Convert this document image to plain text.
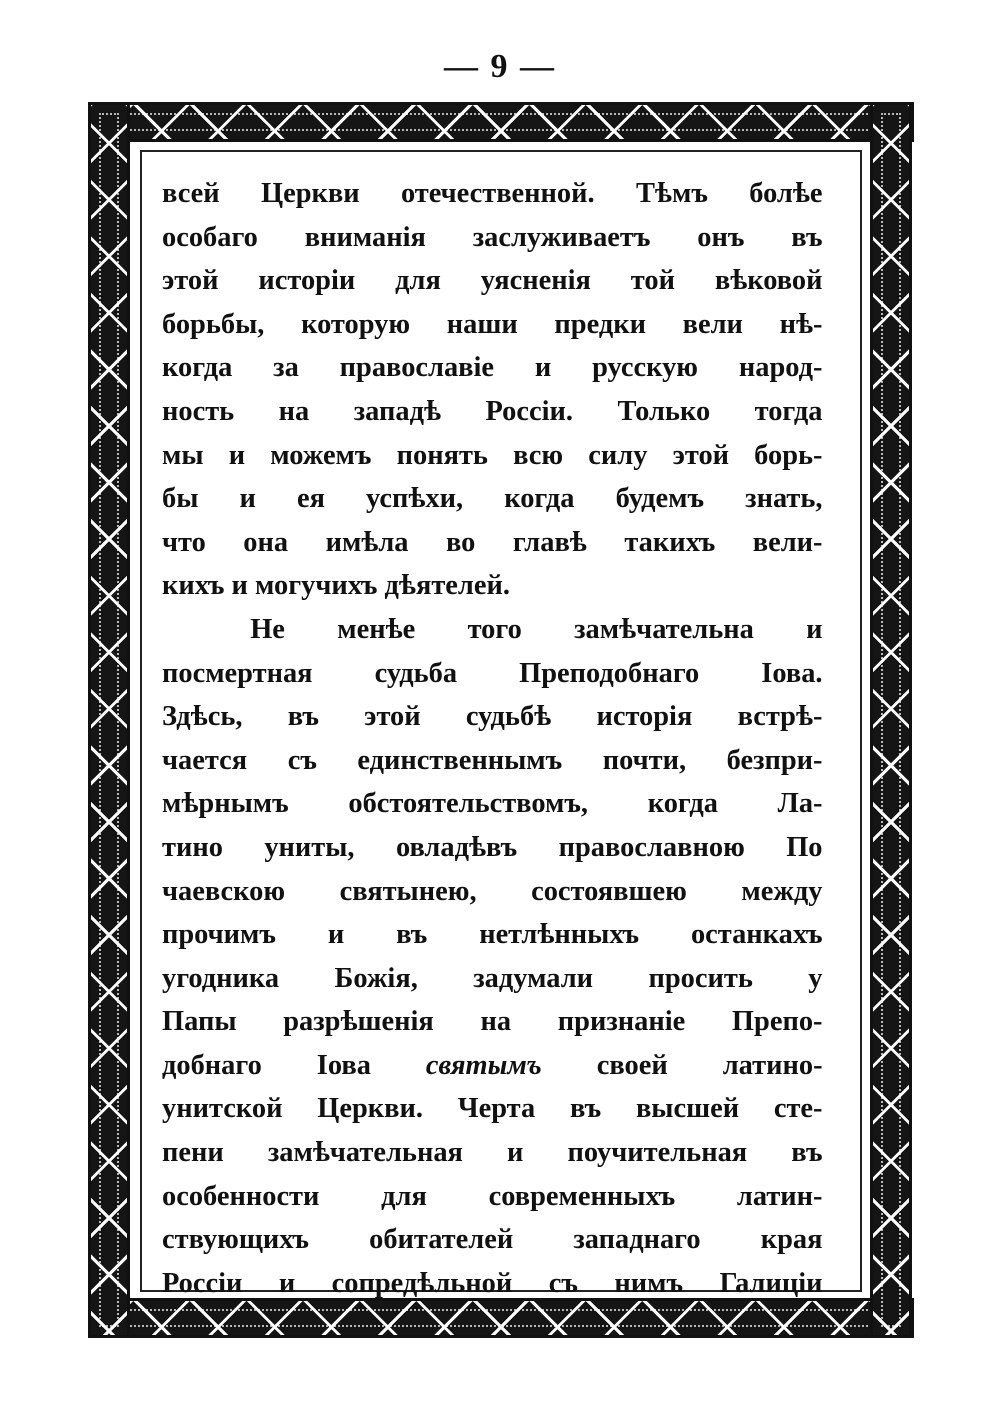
— 9 —
всей Церкви отечественной. Тѣмъ болѣе
особаго вниманія заслуживаетъ онъ въ
этой исторіи для уясненія той вѣковой
борьбы, которую наши предки вели нѣ-
когда за православіе и русскую народ-
ность на западѣ Россіи. Только тогда
мы и можемъ понять всю силу этой борь-
бы и ея успѣхи, когда будемъ знать,
что она имѣла во главѣ такихъ вели-
кихъ и могучихъ дѣятелей.
Не менѣе того замѣчательна и
посмертная судьба Преподобнаго Іова.
Здѣсь, въ этой судьбѣ исторія встрѣ-
чается съ единственнымъ почти, безпри-
мѣрнымъ обстоятельствомъ, когда Ла-
тино униты, овладѣвъ православною По
чаевскою святынею, состоявшею между
прочимъ и въ нетлѣнныхъ останкахъ
угодника Божія, задумали просить у
Папы разрѣшенія на признаніе Препо-
добнаго Іова святымъ своей латино-
унитской Церкви. Черта въ высшей сте-
пени замѣчательная и поучительная въ
особенности для современныхъ латин-
ствующихъ обитателей западнаго края
Россіи и сопредѣльной съ нимъ Галиціи
